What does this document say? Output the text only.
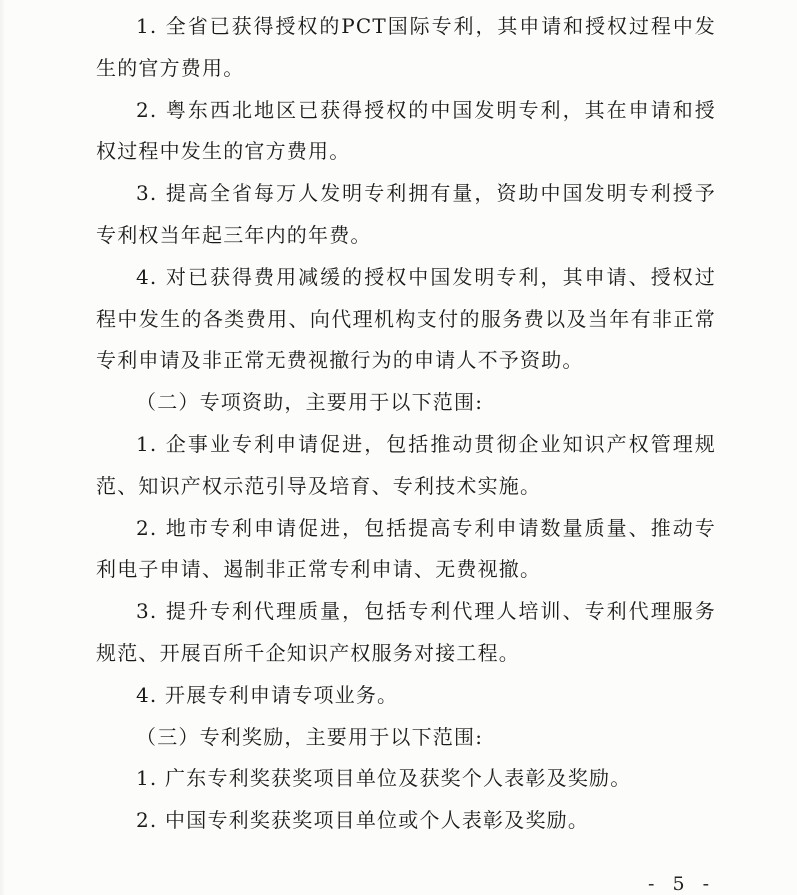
1. 全省已获得授权的PCT国际专利，其申请和授权过程中发生的官方费用。

2. 粤东西北地区已获得授权的中国发明专利，其在申请和授权过程中发生的官方费用。

3. 提高全省每万人发明专利拥有量，资助中国发明专利授予专利权当年起三年内的年费。

4. 对已获得费用减缓的授权中国发明专利，其申请、授权过程中发生的各类费用、向代理机构支付的服务费以及当年有非正常专利申请及非正常无费视撤行为的申请人不予资助。

（二）专项资助，主要用于以下范围:

1. 企事业专利申请促进，包括推动贯彻企业知识产权管理规范、知识产权示范引导及培育、专利技术实施。

2. 地市专利申请促进，包括提高专利申请数量质量、推动专利电子申请、遏制非正常专利申请、无费视撤。

3. 提升专利代理质量，包括专利代理人培训、专利代理服务规范、开展百所千企知识产权服务对接工程。

4. 开展专利申请专项业务。

（三）专利奖励，主要用于以下范围:

1. 广东专利奖获奖项目单位及获奖个人表彰及奖励。

2. 中国专利奖获奖项目单位或个人表彰及奖励。

- 5 -
